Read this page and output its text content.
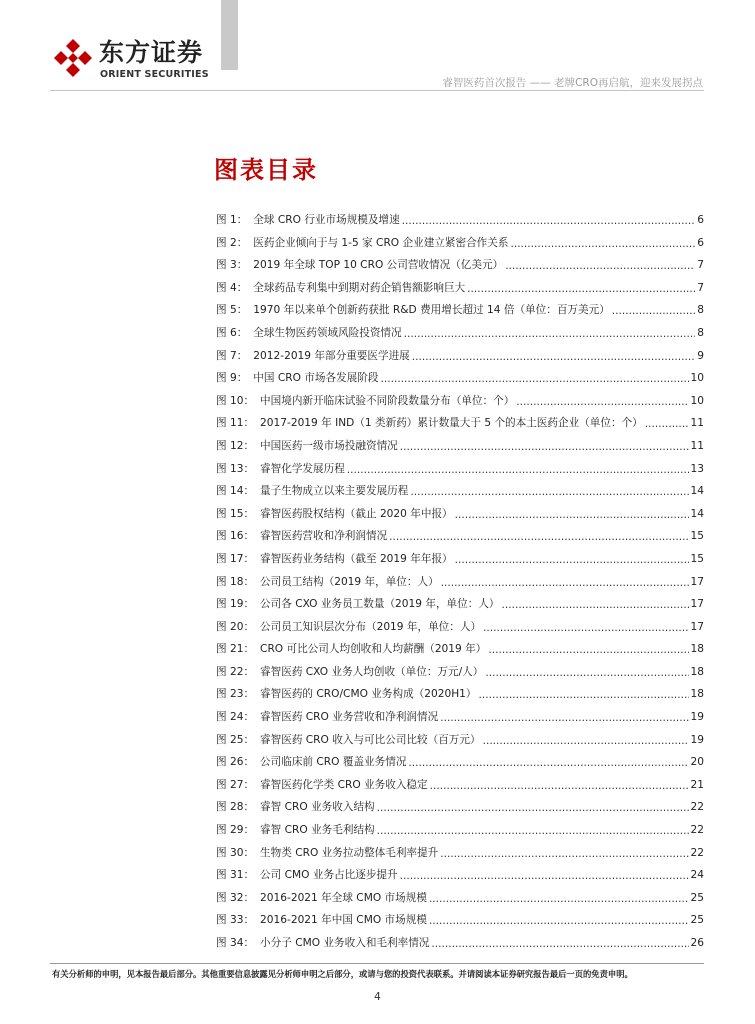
东方证券
ORIENT SECURITIES
睿智医药首次报告 —— 老牌CRO再启航，迎来发展拐点
图表目录
图 1： 全球 CRO 行业市场规模及增速 .....	6
图 2： 医药企业倾向于与 1-5 家 CRO 企业建立紧密合作关系 .....	6
图 3： 2019 年全球 TOP 10 CRO 公司营收情况（亿美元） .....	7
图 4： 全球药品专利集中到期对药企销售额影响巨大 .....	7
图 5： 1970 年以来单个创新药获批 R&D 费用增长超过 14 倍（单位：百万美元） .....	8
图 6： 全球生物医药领域风险投资情况 .....	8
图 7： 2012-2019 年部分重要医学进展 .....	9
图 9： 中国 CRO 市场各发展阶段 .....	10
图 10： 中国境内新开临床试验不同阶段数量分布（单位：个） .....	10
图 11： 2017-2019 年 IND（1 类新药）累计数量大于 5 个的本土医药企业（单位：个） .....	11
图 12： 中国医药一级市场投融资情况 .....	11
图 13： 睿智化学发展历程 .....	13
图 14： 量子生物成立以来主要发展历程 .....	14
图 15： 睿智医药股权结构（截止 2020 年中报） .....	14
图 16： 睿智医药营收和净利润情况 .....	15
图 17： 睿智医药业务结构（截至 2019 年年报） .....	15
图 18： 公司员工结构（2019 年，单位：人） .....	17
图 19： 公司各 CXO 业务员工数量（2019 年，单位：人） .....	17
图 20： 公司员工知识层次分布（2019 年，单位：人） .....	17
图 21： CRO 可比公司人均创收和人均薪酬（2019 年） .....	18
图 22： 睿智医药 CXO 业务人均创收（单位：万元/人） .....	18
图 23： 睿智医药的 CRO/CMO 业务构成（2020H1） .....	18
图 24： 睿智医药 CRO 业务营收和净利润情况 .....	19
图 25： 睿智医药 CRO 收入与可比公司比较（百万元） .....	19
图 26： 公司临床前 CRO 覆盖业务情况 .....	20
图 27： 睿智医药化学类 CRO 业务收入稳定 .....	21
图 28： 睿智 CRO 业务收入结构 .....	22
图 29： 睿智 CRO 业务毛利结构 .....	22
图 30： 生物类 CRO 业务拉动整体毛利率提升 .....	22
图 31： 公司 CMO 业务占比逐步提升 .....	24
图 32： 2016-2021 年全球 CMO 市场规模 .....	25
图 33： 2016-2021 年中国 CMO 市场规模 .....	25
图 34： 小分子 CMO 业务收入和毛利率情况 .....	26
有关分析师的申明，见本报告最后部分。其他重要信息披露见分析师申明之后部分，或请与您的投资代表联系。并请阅读本证券研究报告最后一页的免责申明。
4
